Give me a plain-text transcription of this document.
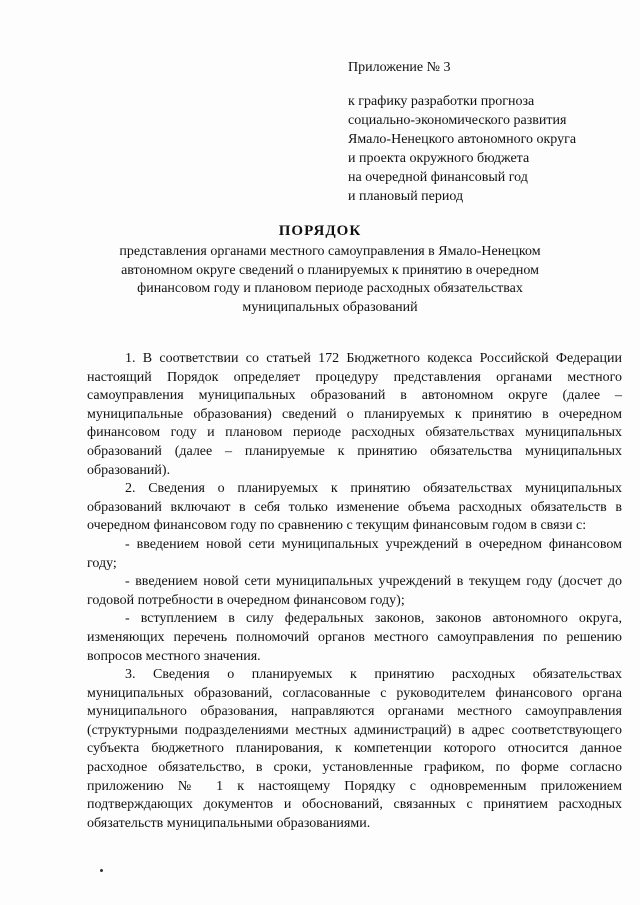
Приложение № 3
к графику разработки прогноза
социально-экономического развития
Ямало-Ненецкого автономного округа
и проекта окружного бюджета
на очередной финансовый год
и плановый период
ПОРЯДОК
представления органами местного самоуправления в Ямало-Ненецком
автономном округе сведений о планируемых к принятию в очередном
финансовом году и плановом периоде расходных обязательствах
муниципальных образований

1. В соответствии со статьей 172 Бюджетного кодекса Российской Федерации настоящий Порядок определяет процедуру представления органами местного самоуправления муниципальных образований в автономном округе (далее – муниципальные образования) сведений о планируемых к принятию в очередном финансовом году и плановом периоде расходных обязательствах муниципальных образований (далее – планируемые к принятию обязательства муниципальных образований).

2. Сведения о планируемых к принятию обязательствах муниципальных образований включают в себя только изменение объема расходных обязательств в очередном финансовом году по сравнению с текущим финансовым годом в связи с:

- введением новой сети муниципальных учреждений в очередном финансовом году;

- введением новой сети муниципальных учреждений в текущем году (досчет до годовой потребности в очередном финансовом году);

- вступлением в силу федеральных законов, законов автономного округа, изменяющих перечень полномочий органов местного самоуправления по решению вопросов местного значения.

3. Сведения о планируемых к принятию расходных обязательствах муниципальных образований, согласованные с руководителем финансового органа муниципального образования, направляются органами местного самоуправления (структурными подразделениями местных администраций) в адрес соответствующего субъекта бюджетного планирования, к компетенции которого относится данное расходное обязательство, в сроки, установленные графиком, по форме согласно приложению № 1 к настоящему Порядку с одновременным приложением подтверждающих документов и обоснований, связанных с принятием расходных обязательств муниципальными образованиями.
